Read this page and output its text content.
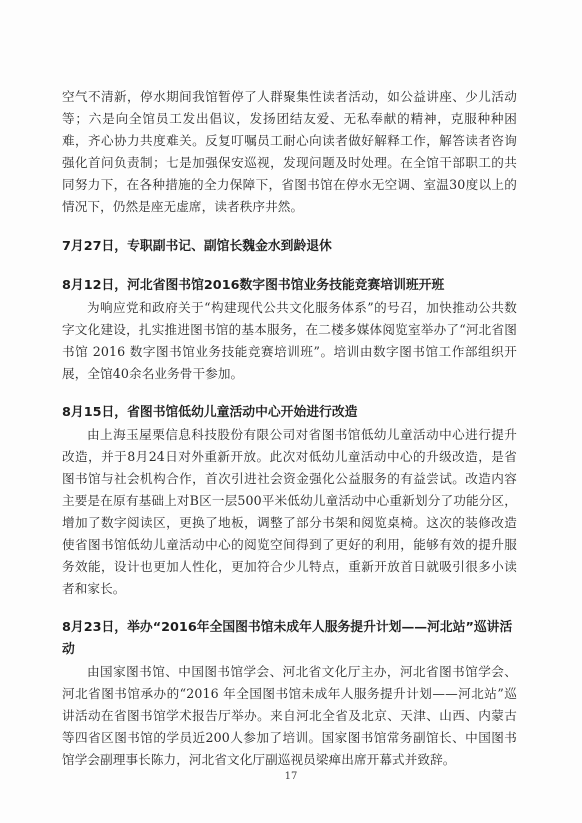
空气不清新，停水期间我馆暂停了人群聚集性读者活动，如公益讲座、少儿活动等；六是向全馆员工发出倡议，发扬团结友爱、无私奉献的精神，克服种种困难，齐心协力共度难关。反复叮嘱员工耐心向读者做好解释工作，解答读者咨询强化首问负责制；七是加强保安巡视，发现问题及时处理。在全馆干部职工的共同努力下，在各种措施的全力保障下，省图书馆在停水无空调、室温30度以上的情况下，仍然是座无虚席，读者秩序井然。

7月27日，专职副书记、副馆长魏金水到龄退休
8月12日，河北省图书馆2016数字图书馆业务技能竞赛培训班开班

为响应党和政府关于“构建现代公共文化服务体系”的号召，加快推动公共数字文化建设，扎实推进图书馆的基本服务，在二楼多媒体阅览室举办了“河北省图书馆 2016 数字图书馆业务技能竞赛培训班”。培训由数字图书馆工作部组织开展，全馆40余名业务骨干参加。

8月15日，省图书馆低幼儿童活动中心开始进行改造

由上海玉屋栗信息科技股份有限公司对省图书馆低幼儿童活动中心进行提升改造，并于8月24日对外重新开放。此次对低幼儿童活动中心的升级改造，是省图书馆与社会机构合作，首次引进社会资金强化公益服务的有益尝试。改造内容主要是在原有基础上对B区一层500平米低幼儿童活动中心重新划分了功能分区，增加了数字阅读区，更换了地板，调整了部分书架和阅览桌椅。这次的装修改造使省图书馆低幼儿童活动中心的阅览空间得到了更好的利用，能够有效的提升服务效能，设计也更加人性化，更加符合少儿特点，重新开放首日就吸引很多小读者和家长。

8月23日，举办“2016年全国图书馆未成年人服务提升计划——河北站”巡讲活动

由国家图书馆、中国图书馆学会、河北省文化厅主办，河北省图书馆学会、河北省图书馆承办的“2016 年全国图书馆未成年人服务提升计划——河北站”巡讲活动在省图书馆学术报告厅举办。来自河北全省及北京、天津、山西、内蒙古等四省区图书馆的学员近200人参加了培训。国家图书馆常务副馆长、中国图书馆学会副理事长陈力，河北省文化厅副巡视员梁瘅出席开幕式并致辞。

17
